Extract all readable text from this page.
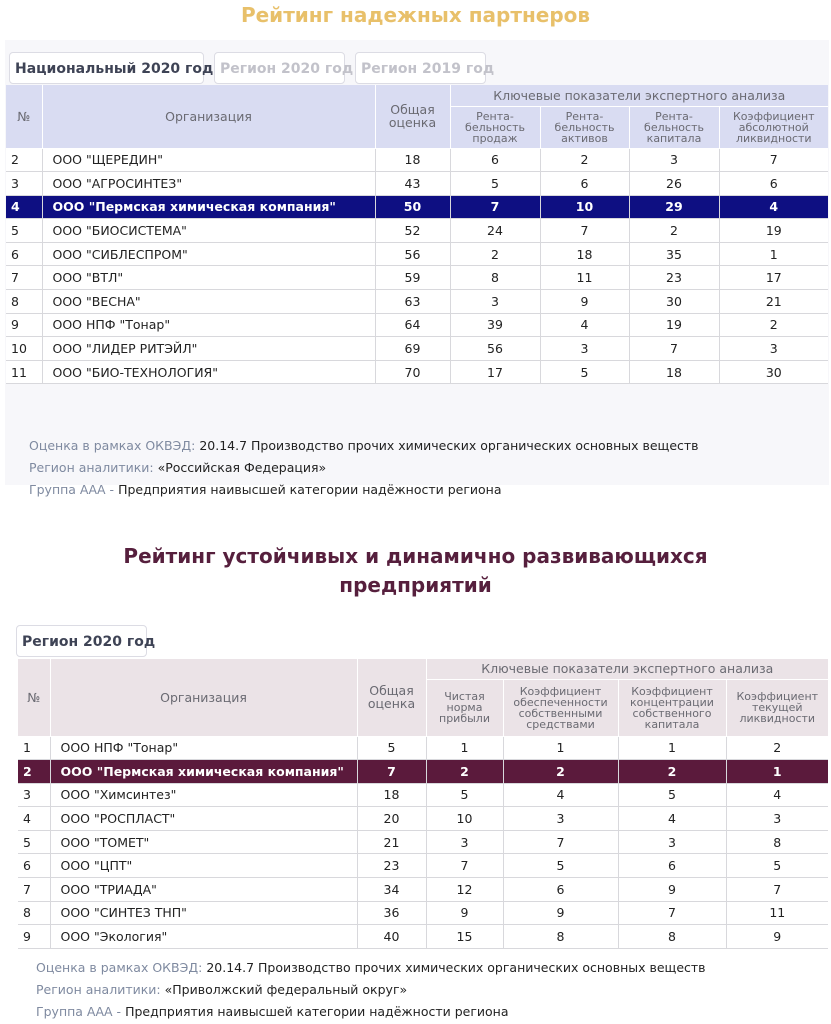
Рейтинг надежных партнеров
Национальный 2020 год Регион 2020 год Регион 2019 год
Оценка в рамках ОКВЭД: 20.14.7 Производство прочих химических органических основных веществ
Регион аналитики: «Российская Федерация»
Группа ААА - Предприятия наивысшей категории надёжности региона
№	Организация	Общая оценка	Ключевые показатели экспертного анализа			
			Рента-бельность продаж	Рента-бельность активов	Рента-бельность капитала	Коэффициент абсолютной ликвидности
2	ООО "ЩЕРЕДИН"	18	6	2	3	7
3	ООО "АГРОСИНТЕЗ"	43	5	6	26	6
4	ООО "Пермская химическая компания"	50	7	10	29	4
5	ООО "БИОСИСТЕМА"	52	24	7	2	19
6	ООО "СИБЛЕСПРОМ"	56	2	18	35	1
7	ООО "ВТЛ"	59	8	11	23	17
8	ООО "ВЕСНА"	63	3	9	30	21
9	ООО НПФ "Тонар"	64	39	4	19	2
10	ООО "ЛИДЕР РИТЭЙЛ"	69	56	3	7	3
11	ООО "БИО-ТЕХНОЛОГИЯ"	70	17	5	18	30
Рейтинг устойчивых и динамично развивающихся
предприятий
Регион 2020 год
№	Организация	Общая оценка	Ключевые показатели экспертного анализа			
			Чистая норма прибыли	Коэффициент обеспеченности собственными средствами	Коэффициент концентрации собственного капитала	Коэффициент текущей ликвидности
1	ООО НПФ "Тонар"	5	1	1	1	2
2	ООО "Пермская химическая компания"	7	2	2	2	1
3	ООО "Химсинтез"	18	5	4	5	4
4	ООО "РОСПЛАСТ"	20	10	3	4	3
5	ООО "ТОМЕТ"	21	3	7	3	8
6	ООО "ЦПТ"	23	7	5	6	5
7	ООО "ТРИАДА"	34	12	6	9	7
8	ООО "СИНТЕЗ ТНП"	36	9	9	7	11
9	ООО "Экология"	40	15	8	8	9
Оценка в рамках ОКВЭД: 20.14.7 Производство прочих химических органических основных веществ
Регион аналитики: «Приволжский федеральный округ»
Группа ААА - Предприятия наивысшей категории надёжности региона
